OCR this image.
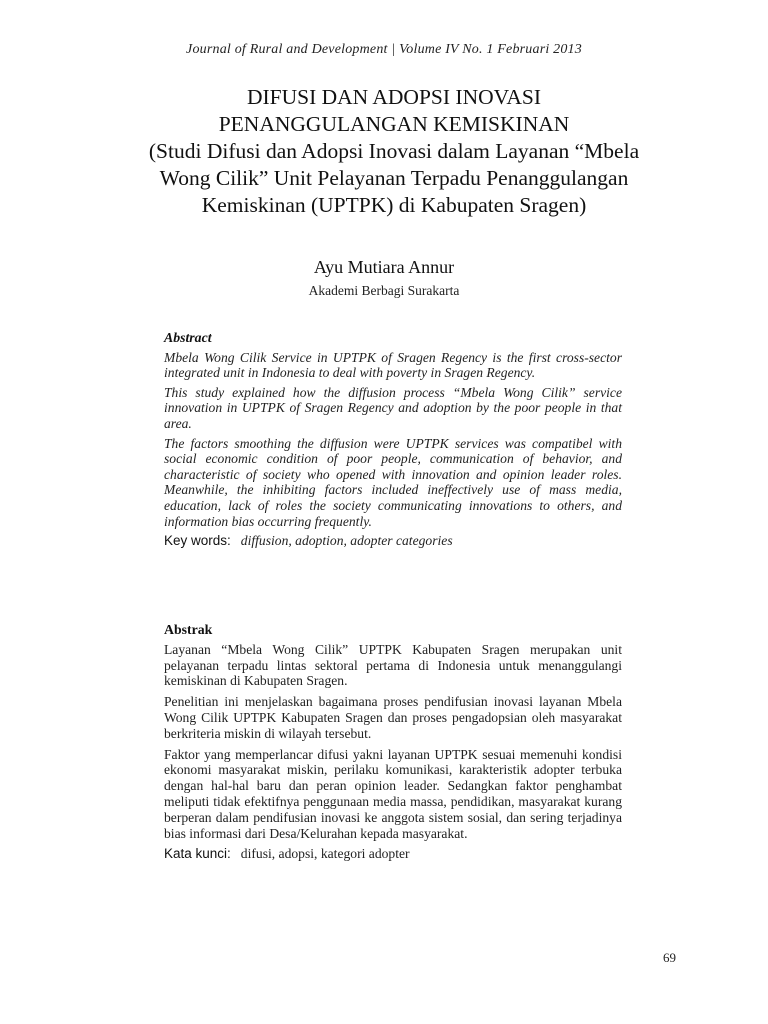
Journal of Rural and Development | Volume IV No. 1 Februari 2013
DIFUSI DAN ADOPSI INOVASI
PENANGGULANGAN KEMISKINAN
(Studi Difusi dan Adopsi Inovasi dalam Layanan “Mbela
Wong Cilik” Unit Pelayanan Terpadu Penanggulangan
Kemiskinan (UPTPK) di Kabupaten Sragen)
Ayu Mutiara Annur
Akademi Berbagi Surakarta
Abstract

Mbela Wong Cilik Service in UPTPK of Sragen Regency is the first cross-sector integrated unit in Indonesia to deal with poverty in Sragen Regency.

This study explained how the diffusion process “Mbela Wong Cilik” service innovation in UPTPK of Sragen Regency and adoption by the poor people in that area.

The factors smoothing the diffusion were UPTPK services was compatibel with social economic condition of poor people, communication of behavior, and characteristic of society who opened with innovation and opinion leader roles. Meanwhile, the inhibiting factors included ineffectively use of mass media, education, lack of roles the society communicating innovations to others, and information bias occurring frequently.

Key words: diffusion, adoption, adopter categories
Abstrak

Layanan “Mbela Wong Cilik” UPTPK Kabupaten Sragen merupakan unit pelayanan terpadu lintas sektoral pertama di Indonesia untuk menanggulangi kemiskinan di Kabupaten Sragen.

Penelitian ini menjelaskan bagaimana proses pendifusian inovasi layanan Mbela Wong Cilik UPTPK Kabupaten Sragen dan proses pengadopsian oleh masyarakat berkriteria miskin di wilayah tersebut.

Faktor yang memperlancar difusi yakni layanan UPTPK sesuai memenuhi kondisi ekonomi masyarakat miskin, perilaku komunikasi, karakteristik adopter terbuka dengan hal-hal baru dan peran opinion leader. Sedangkan faktor penghambat meliputi tidak efektifnya penggunaan media massa, pendidikan, masyarakat kurang berperan dalam pendifusian inovasi ke anggota sistem sosial, dan sering terjadinya bias informasi dari Desa/Kelurahan kepada masyarakat.

Kata kunci: difusi, adopsi, kategori adopter
69
